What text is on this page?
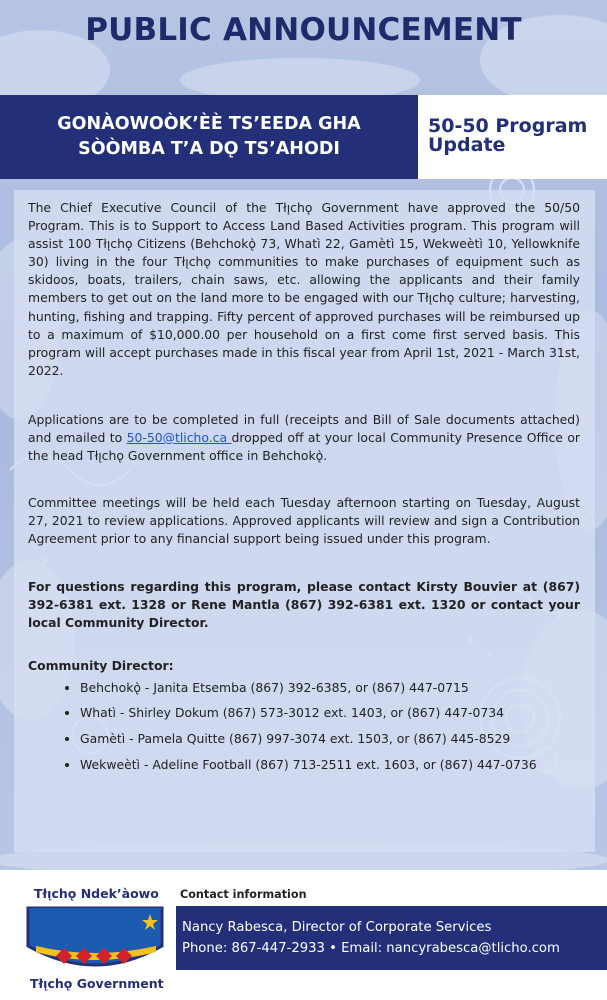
PUBLIC ANNOUNCEMENT
GONÀOWOÒK’ÈÈ TS’EEDA GHA
SÒÒMBA T’A DǪ TS’AHODI
50-50 Program Update

The Chief Executive Council of the Tłı̨chǫ Government have approved the 50/50 Program. This is to Support to Access Land Based Activities program. This program will assist 100 Tłı̨chǫ Citizens (Behchokǫ̀ 73, Whatì 22, Gamètì 15, Wekweètì 10, Yellowknife 30) living in the four Tłı̨chǫ communities to make purchases of equipment such as skidoos, boats, trailers, chain saws, etc. allowing the applicants and their family members to get out on the land more to be engaged with our Tłı̨chǫ culture; harvesting, hunting, fishing and trapping. Fifty percent of approved purchases will be reimbursed up to a maximum of $10,000.00 per household on a first come first served basis. This program will accept purchases made in this fiscal year from April 1st, 2021 - March 31st, 2022.

Applications are to be completed in full (receipts and Bill of Sale documents attached) and emailed to 50-50@tlicho.ca dropped off at your local Community Presence Office or the head Tłı̨chǫ Government office in Behchokǫ̀.

Committee meetings will be held each Tuesday afternoon starting on Tuesday, August 27, 2021 to review applications. Approved applicants will review and sign a Contribution Agreement prior to any financial support being issued under this program.

For questions regarding this program, please contact Kirsty Bouvier at (867) 392-6381 ext. 1328 or Rene Mantla (867) 392-6381 ext. 1320 or contact your local Community Director.

Community Director:

• Behchokǫ̀ - Janita Etsemba (867) 392-6385, or (867) 447-0715
• Whatì - Shirley Dokum (867) 573-3012 ext. 1403, or (867) 447-0734
• Gamètì - Pamela Quitte (867) 997-3074 ext. 1503, or (867) 445-8529
• Wekweètì - Adeline Football (867) 713-2511 ext. 1603, or (867) 447-0736
Tłı̨chǫ Ndek’àowo
Tłı̨chǫ Government
Contact information
Nancy Rabesca, Director of Corporate Services
Phone: 867-447-2933 • Email: nancyrabesca@tlicho.com
